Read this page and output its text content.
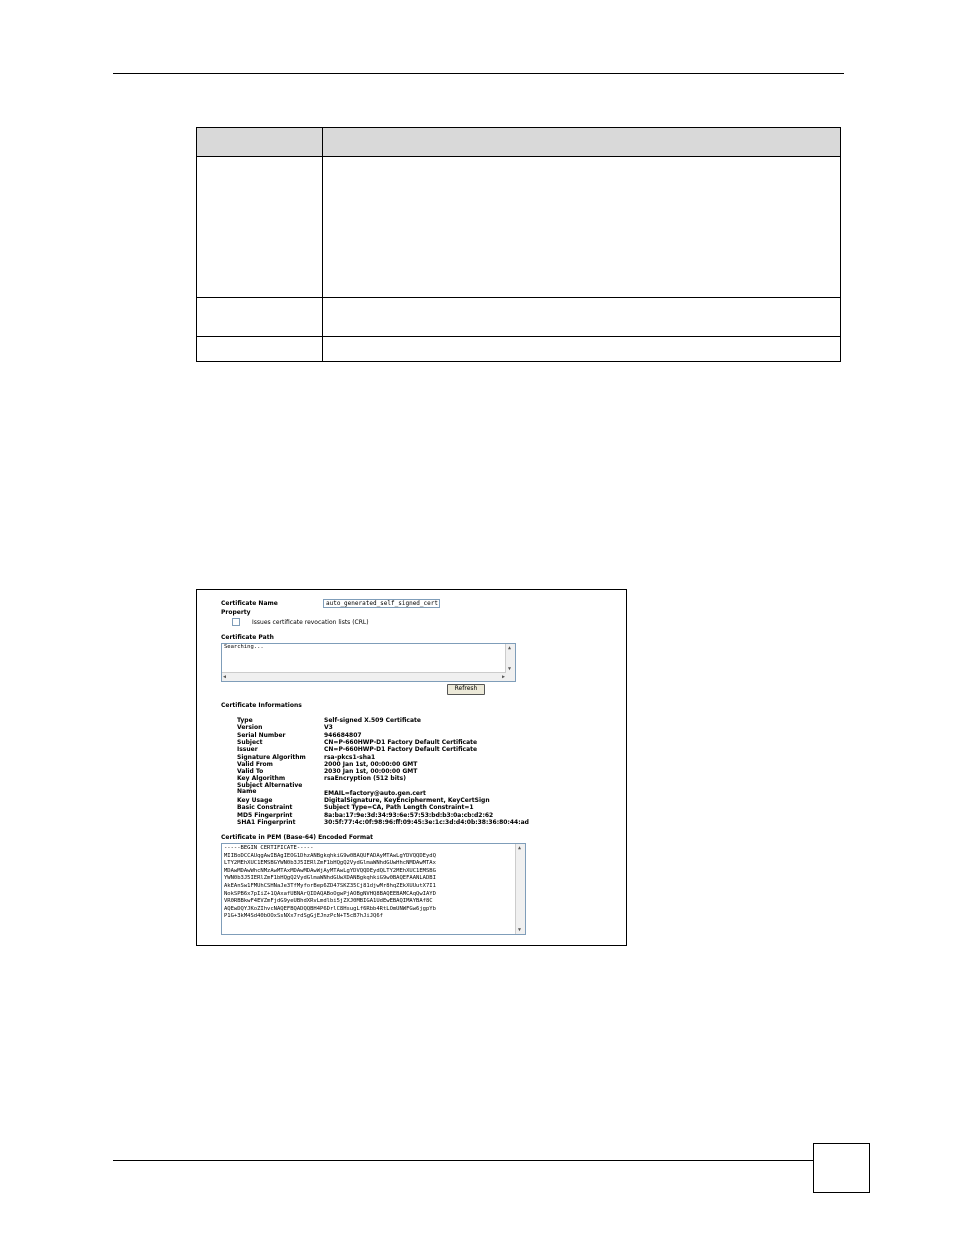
Certificate Name	auto_generated_self_signed_cert
Property
Issues certificate revocation lists (CRL)
Certificate Path
Searching...	▲
▼
◀	▶
Refresh
Certificate Informations
Type	Self-signed X.509 Certificate
Version	V3
Serial Number	946684807
Subject	CN=P-660HWP-D1 Factory Default Certificate
Issuer	CN=P-660HWP-D1 Factory Default Certificate
Signature Algorithm	rsa-pkcs1-sha1
Valid From	2000 Jan 1st, 00:00:00 GMT
Valid To	2030 Jan 1st, 00:00:00 GMT
Key Algorithm	rsaEncryption (512 bits)
Subject Alternative Name	EMAIL=factory@auto.gen.cert
Key Usage	DigitalSignature, KeyEncipherment, KeyCertSign
Basic Constraint	Subject Type=CA, Path Length Constraint=1
MD5 Fingerprint	8a:ba:17:9e:3d:34:93:6e:57:53:bd:b3:0a:cb:d2:62
SHA1 Fingerprint	30:5f:77:4c:0f:98:96:ff:09:45:3e:1c:3d:d4:0b:38:36:80:44:ad
Certificate in PEM (Base-64) Encoded Format
-----BEGIN CERTIFICATE-----
MIIBoDCCAUqgAwIBAgIEOG1DhzANBgkqhkiG9w0BAQUFADAyMTAwLgYDVQQDEydQ
LTY2MEhXUC1EMSBGYWN0b3J5IERlZmF1bHQgQ2VydGlmaWNhdGUwHhcNMDAwMTAx
MDAwMDAwWhcNMzAwMTAxMDAwMDAwWjAyMTAwLgYDVQQDEydQLTY2MEhXUC1EMSBG
YWN0b3J5IERlZmF1bHQgQ2VydGlmaWNhdGUwXDANBgkqhkiG9w0BAQEFAANLADBI
AkEAnSw1FMUhCSHNaJe3TfMyforBep6ZD47SKZ35Cj81djwMr8hqZEkXUUutX7I1
NokSPB6x7pIiZ+1QAxafUBNArQIDAQABoOgwPjAOBgNVHQ8BAQEEBAMCAqQwIAYD
VR0RBBkwF4EVZmFjdG9yeUBhdXRvLmdlbi5jZXJ0MBIGA1UdEwEBAQIMAYBAf8C
AQEwDQYJKoZIhvcNAQEFBQADQQBH4P6DrlC8HsugLf6Rbb4RtLOmUNWFGw6jgpYb
P1G+3kM4Sd40bOOxSsNXx7rdSgGjEJnzPcN+T5cB7hJiJQ6f
▲
▼
